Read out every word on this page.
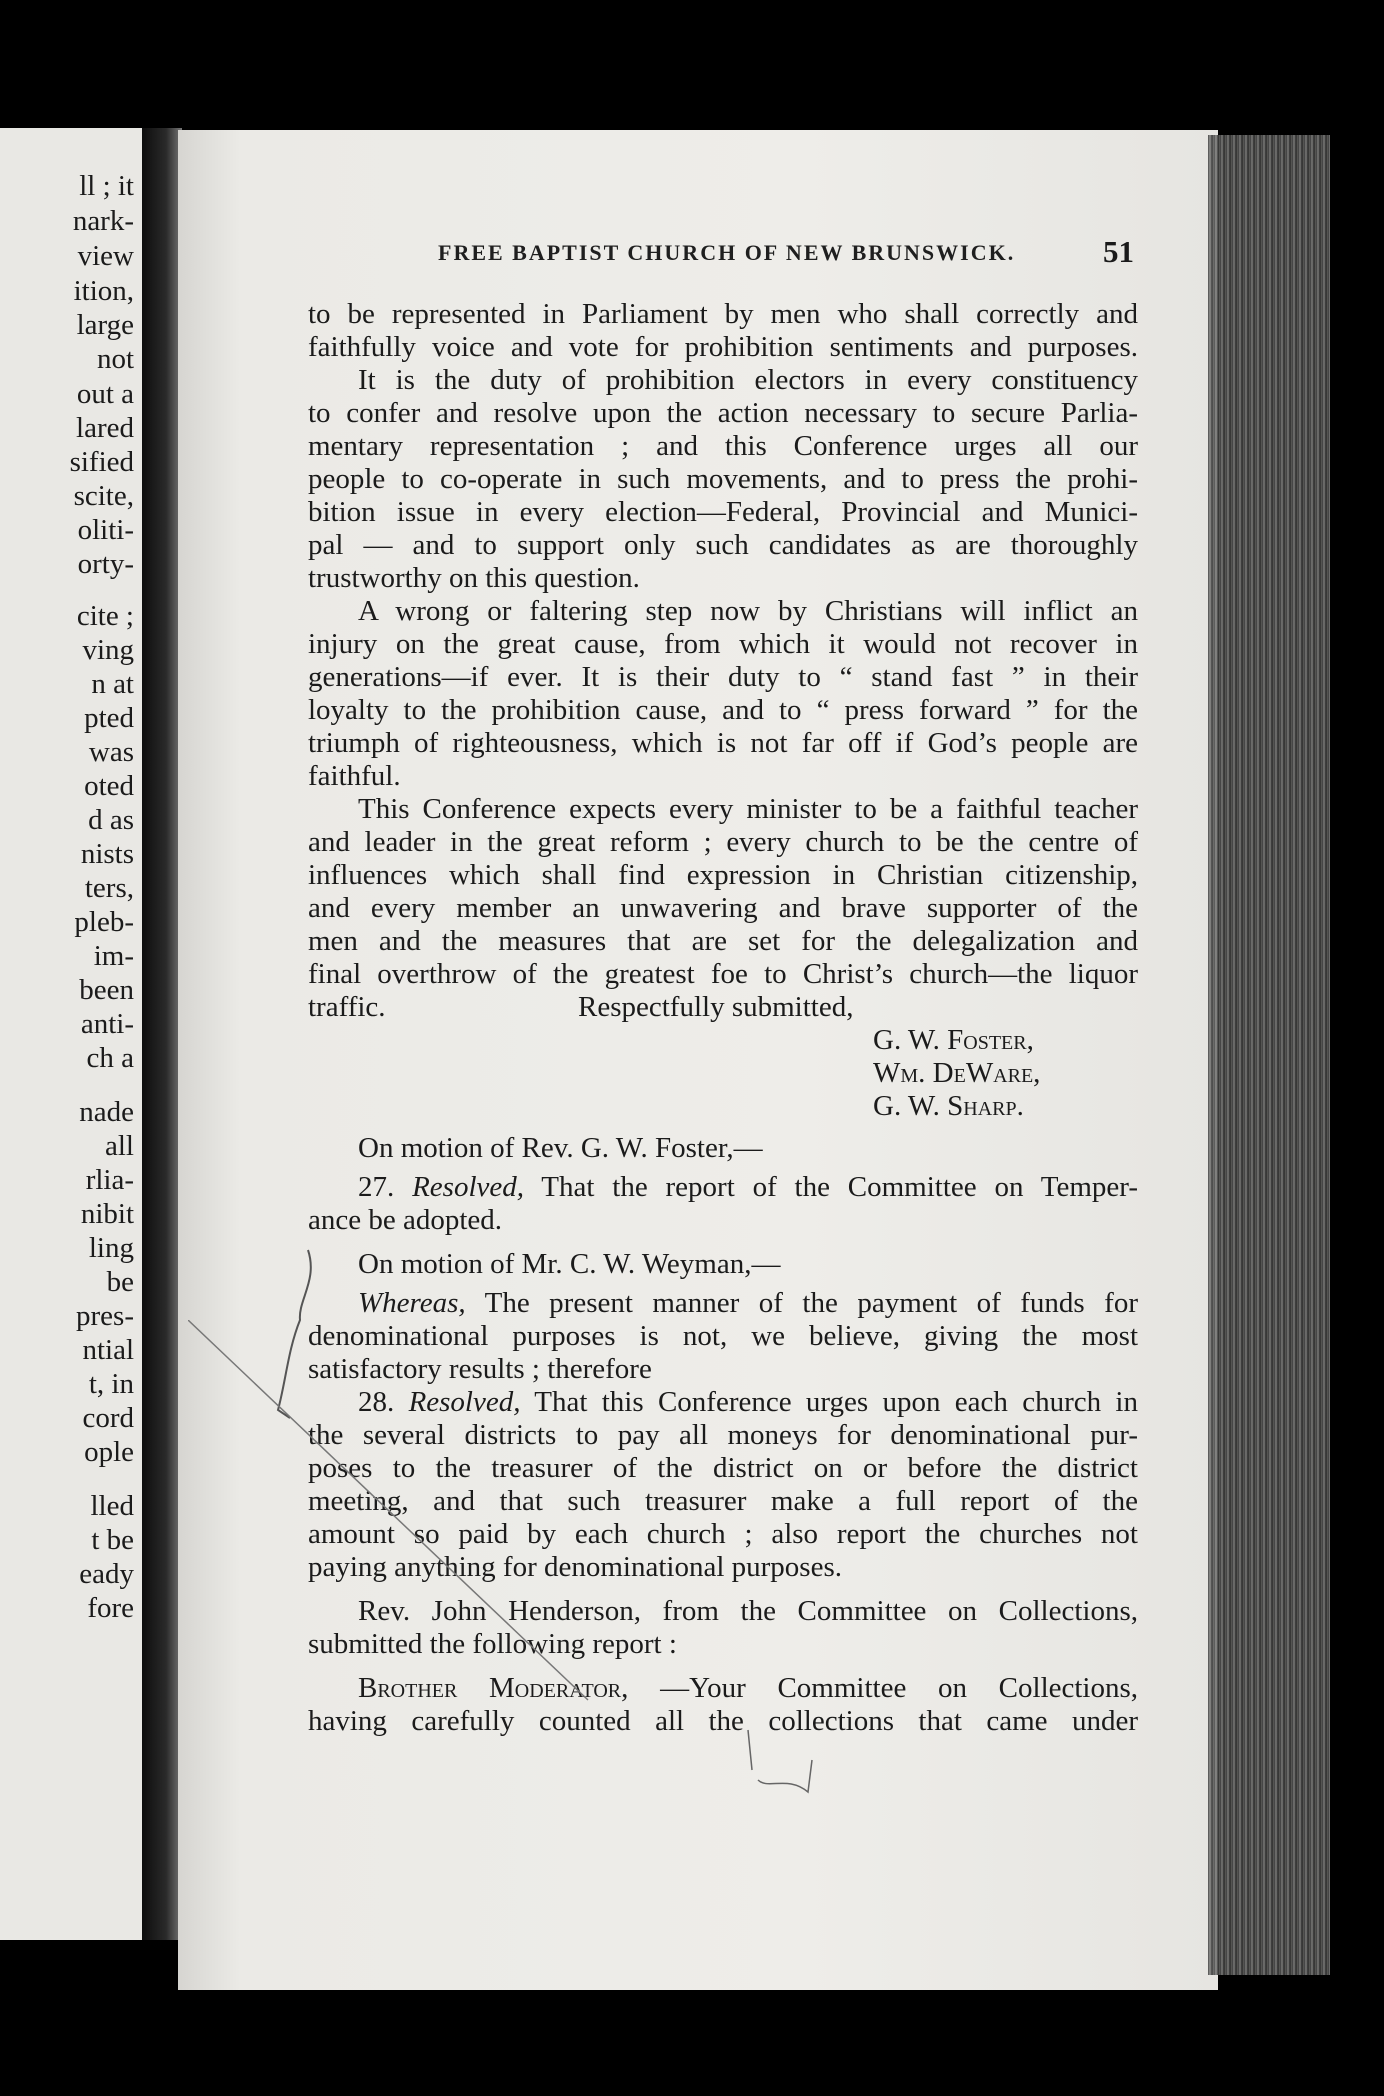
ll ; it
nark-
view
ition,
large
not
out a
lared
sified
scite,
oliti-
orty-
cite ;
ving
n at
pted
was
oted
d as
nists
ters,
pleb-
im-
been
anti-
ch a
nade
all
rlia-
nibit
ling
be
pres-
ntial
t, in
cord
ople
lled
t be
eady
fore
FREE BAPTIST CHURCH OF NEW BRUNSWICK.	51
to be represented in Parliament by men who shall correctly and
faithfully voice and vote for prohibition sentiments and purposes.
It is the duty of prohibition electors in every constituency
to confer and resolve upon the action necessary to secure Parlia-
mentary representation ; and this Conference urges all our
people to co-operate in such movements, and to press the prohi-
bition issue in every election—Federal, Provincial and Munici-
pal — and to support only such candidates as are thoroughly
trustworthy on this question.
A wrong or faltering step now by Christians will inflict an
injury on the great cause, from which it would not recover in
generations—if ever. It is their duty to “ stand fast ” in their
loyalty to the prohibition cause, and to “ press forward ” for the
triumph of righteousness, which is not far off if God’s people are
faithful.
This Conference expects every minister to be a faithful teacher
and leader in the great reform ; every church to be the centre of
influences which shall find expression in Christian citizenship,
and every member an unwavering and brave supporter of the
men and the measures that are set for the delegalization and
final overthrow of the greatest foe to Christ’s church—the liquor
traffic.	Respectfully submitted,
G. W. Foster,
Wm. DeWare,
G. W. Sharp.
On motion of Rev. G. W. Foster,—
27. Resolved, That the report of the Committee on Temper-
ance be adopted.
On motion of Mr. C. W. Weyman,—
Whereas, The present manner of the payment of funds for
denominational purposes is not, we believe, giving the most
satisfactory results ; therefore
28. Resolved, That this Conference urges upon each church in
the several districts to pay all moneys for denominational pur-
poses to the treasurer of the district on or before the district
meeting, and that such treasurer make a full report of the
amount so paid by each church ; also report the churches not
paying anything for denominational purposes.
Rev. John Henderson, from the Committee on Collections,
submitted the following report :
Brother Moderator, —Your Committee on Collections,
having carefully counted all the collections that came under
